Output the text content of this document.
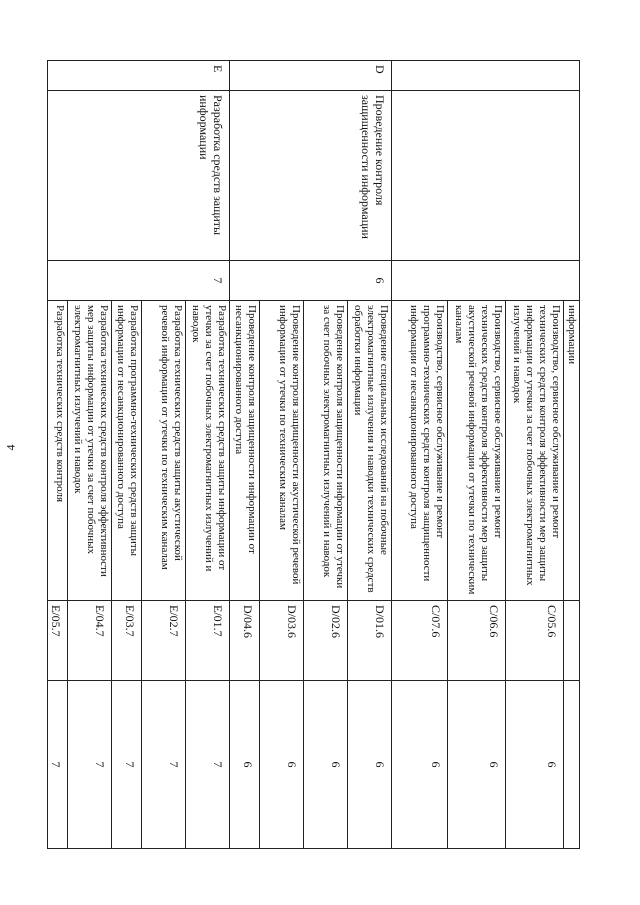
4
			информации		
			Производство, сервисное обслуживание и ремонт технических средств контроля эффективности мер защиты информации от утечки за счет побочных электромагнитных излучений и наводок	C/05.6	6
			Производство, сервисное обслуживание и ремонт технических средств контроля эффективности мер защиты акустической речевой информации от утечки по техническим каналам	C/06.6	6
			Производство, сервисное обслуживание и ремонт программно-технических средств контроля защищенности информации от несанкционированного доступа	C/07.6	6
D	Проведение контроля защищенности информации	6	Проведение специальных исследований на побочные электромагнитные излучения и наводки технических средств обработки информации	D/01.6	6
			Проведение контроля защищенности информации от утечки за счет побочных электромагнитных излучений и наводок	D/02.6	6
			Проведение контроля защищенности акустической речевой информации от утечки по техническим каналам	D/03.6	6
			Проведение контроля защищенности информации от несанкционированного доступа	D/04.6	6
E	Разработка средств защиты информации	7	Разработка технических средств защиты информации от утечки за счет побочных электромагнитных излучений и наводок	E/01.7	7
			Разработка технических средств защиты акустической речевой информации от утечки по техническим каналам	E/02.7	7
			Разработка программно-технических средств защиты информации от несанкционированного доступа	E/03.7	7
			Разработка технических средств контроля эффективности мер защиты информации от утечки за счет побочных электромагнитных излучений и наводок	E/04.7	7
			Разработка технических средств контроля	E/05.7	7
